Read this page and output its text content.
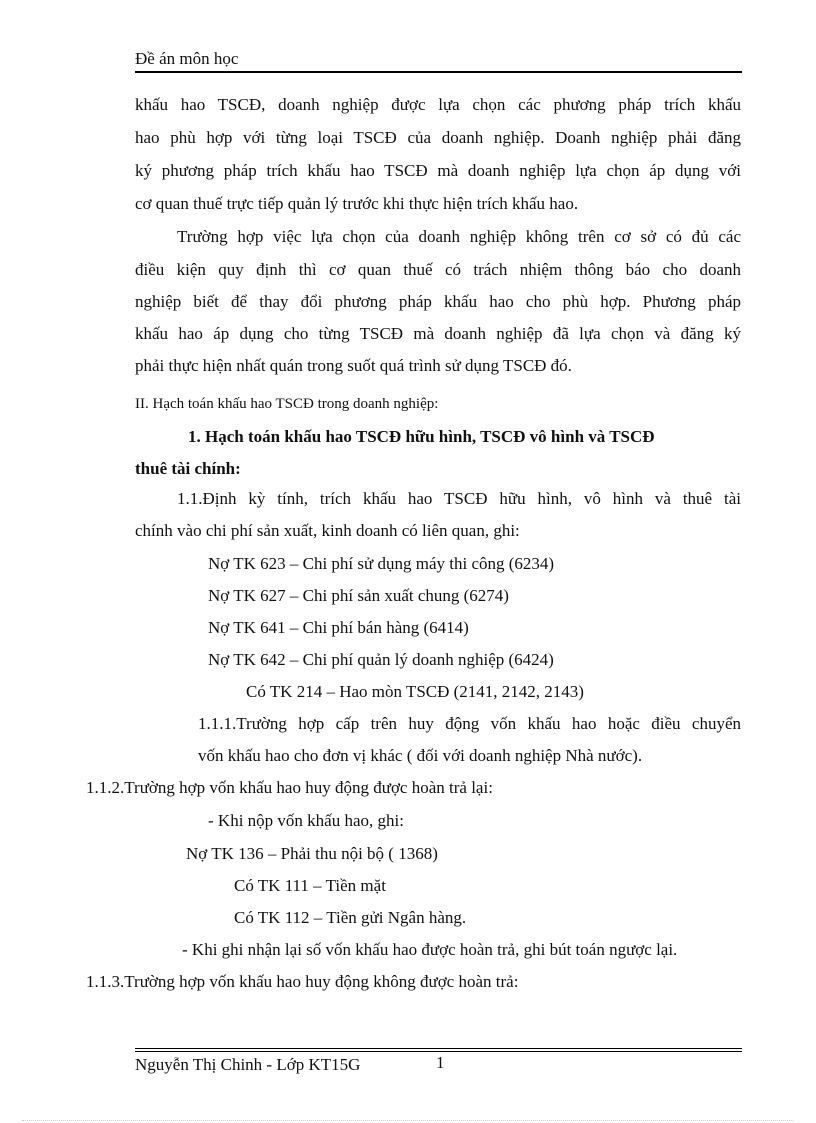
Đề án môn học
khấu hao TSCĐ, doanh nghiệp được lựa chọn các phương pháp trích khấu
hao phù hợp với từng loại TSCĐ của doanh nghiệp. Doanh nghiệp phải đăng
ký phương pháp trích khấu hao TSCĐ mà doanh nghiệp lựa chọn áp dụng với
cơ quan thuế trực tiếp quản lý trước khi thực hiện trích khấu hao.
Trường hợp việc lựa chọn của doanh nghiệp không trên cơ sở có đủ các
điều kiện quy định thì cơ quan thuế có trách nhiệm thông báo cho doanh
nghiệp biết để thay đổi phương pháp khấu hao cho phù hợp. Phương pháp
khấu hao áp dụng cho từng TSCĐ mà doanh nghiệp đã lựa chọn và đăng ký
phải thực hiện nhất quán trong suốt quá trình sử dụng TSCĐ đó.
II. Hạch toán khấu hao TSCĐ trong doanh nghiệp:
1. Hạch toán khấu hao TSCĐ hữu hình, TSCĐ vô hình và TSCĐ
thuê tài chính:
1.1.Định kỳ tính, trích khấu hao TSCĐ hữu hình, vô hình và thuê tài
chính vào chi phí sản xuất, kinh doanh có liên quan, ghi:
Nợ TK 623 – Chi phí sử dụng máy thi công (6234)
Nợ TK 627 – Chi phí sản xuất chung (6274)
Nợ TK 641 – Chi phí bán hàng (6414)
Nợ TK 642 – Chi phí quản lý doanh nghiệp (6424)
Có TK 214 – Hao mòn TSCĐ (2141, 2142, 2143)
1.1.1.Trường hợp cấp trên huy động vốn khấu hao hoặc điều chuyển
vốn khấu hao cho đơn vị khác ( đối với doanh nghiệp Nhà nước).
1.1.2.Trường hợp vốn khấu hao huy động được hoàn trả lại:
- Khi nộp vốn khấu hao, ghi:
Nợ TK 136 – Phải thu nội bộ ( 1368)
Có TK 111 – Tiền mặt
Có TK 112 – Tiền gửi Ngân hàng.
- Khi ghi nhận lại số vốn khấu hao được hoàn trả, ghi bút toán ngược lại.
1.1.3.Trường hợp vốn khấu hao huy động không được hoàn trả:
Nguyễn Thị Chinh - Lớp KT15G	1
